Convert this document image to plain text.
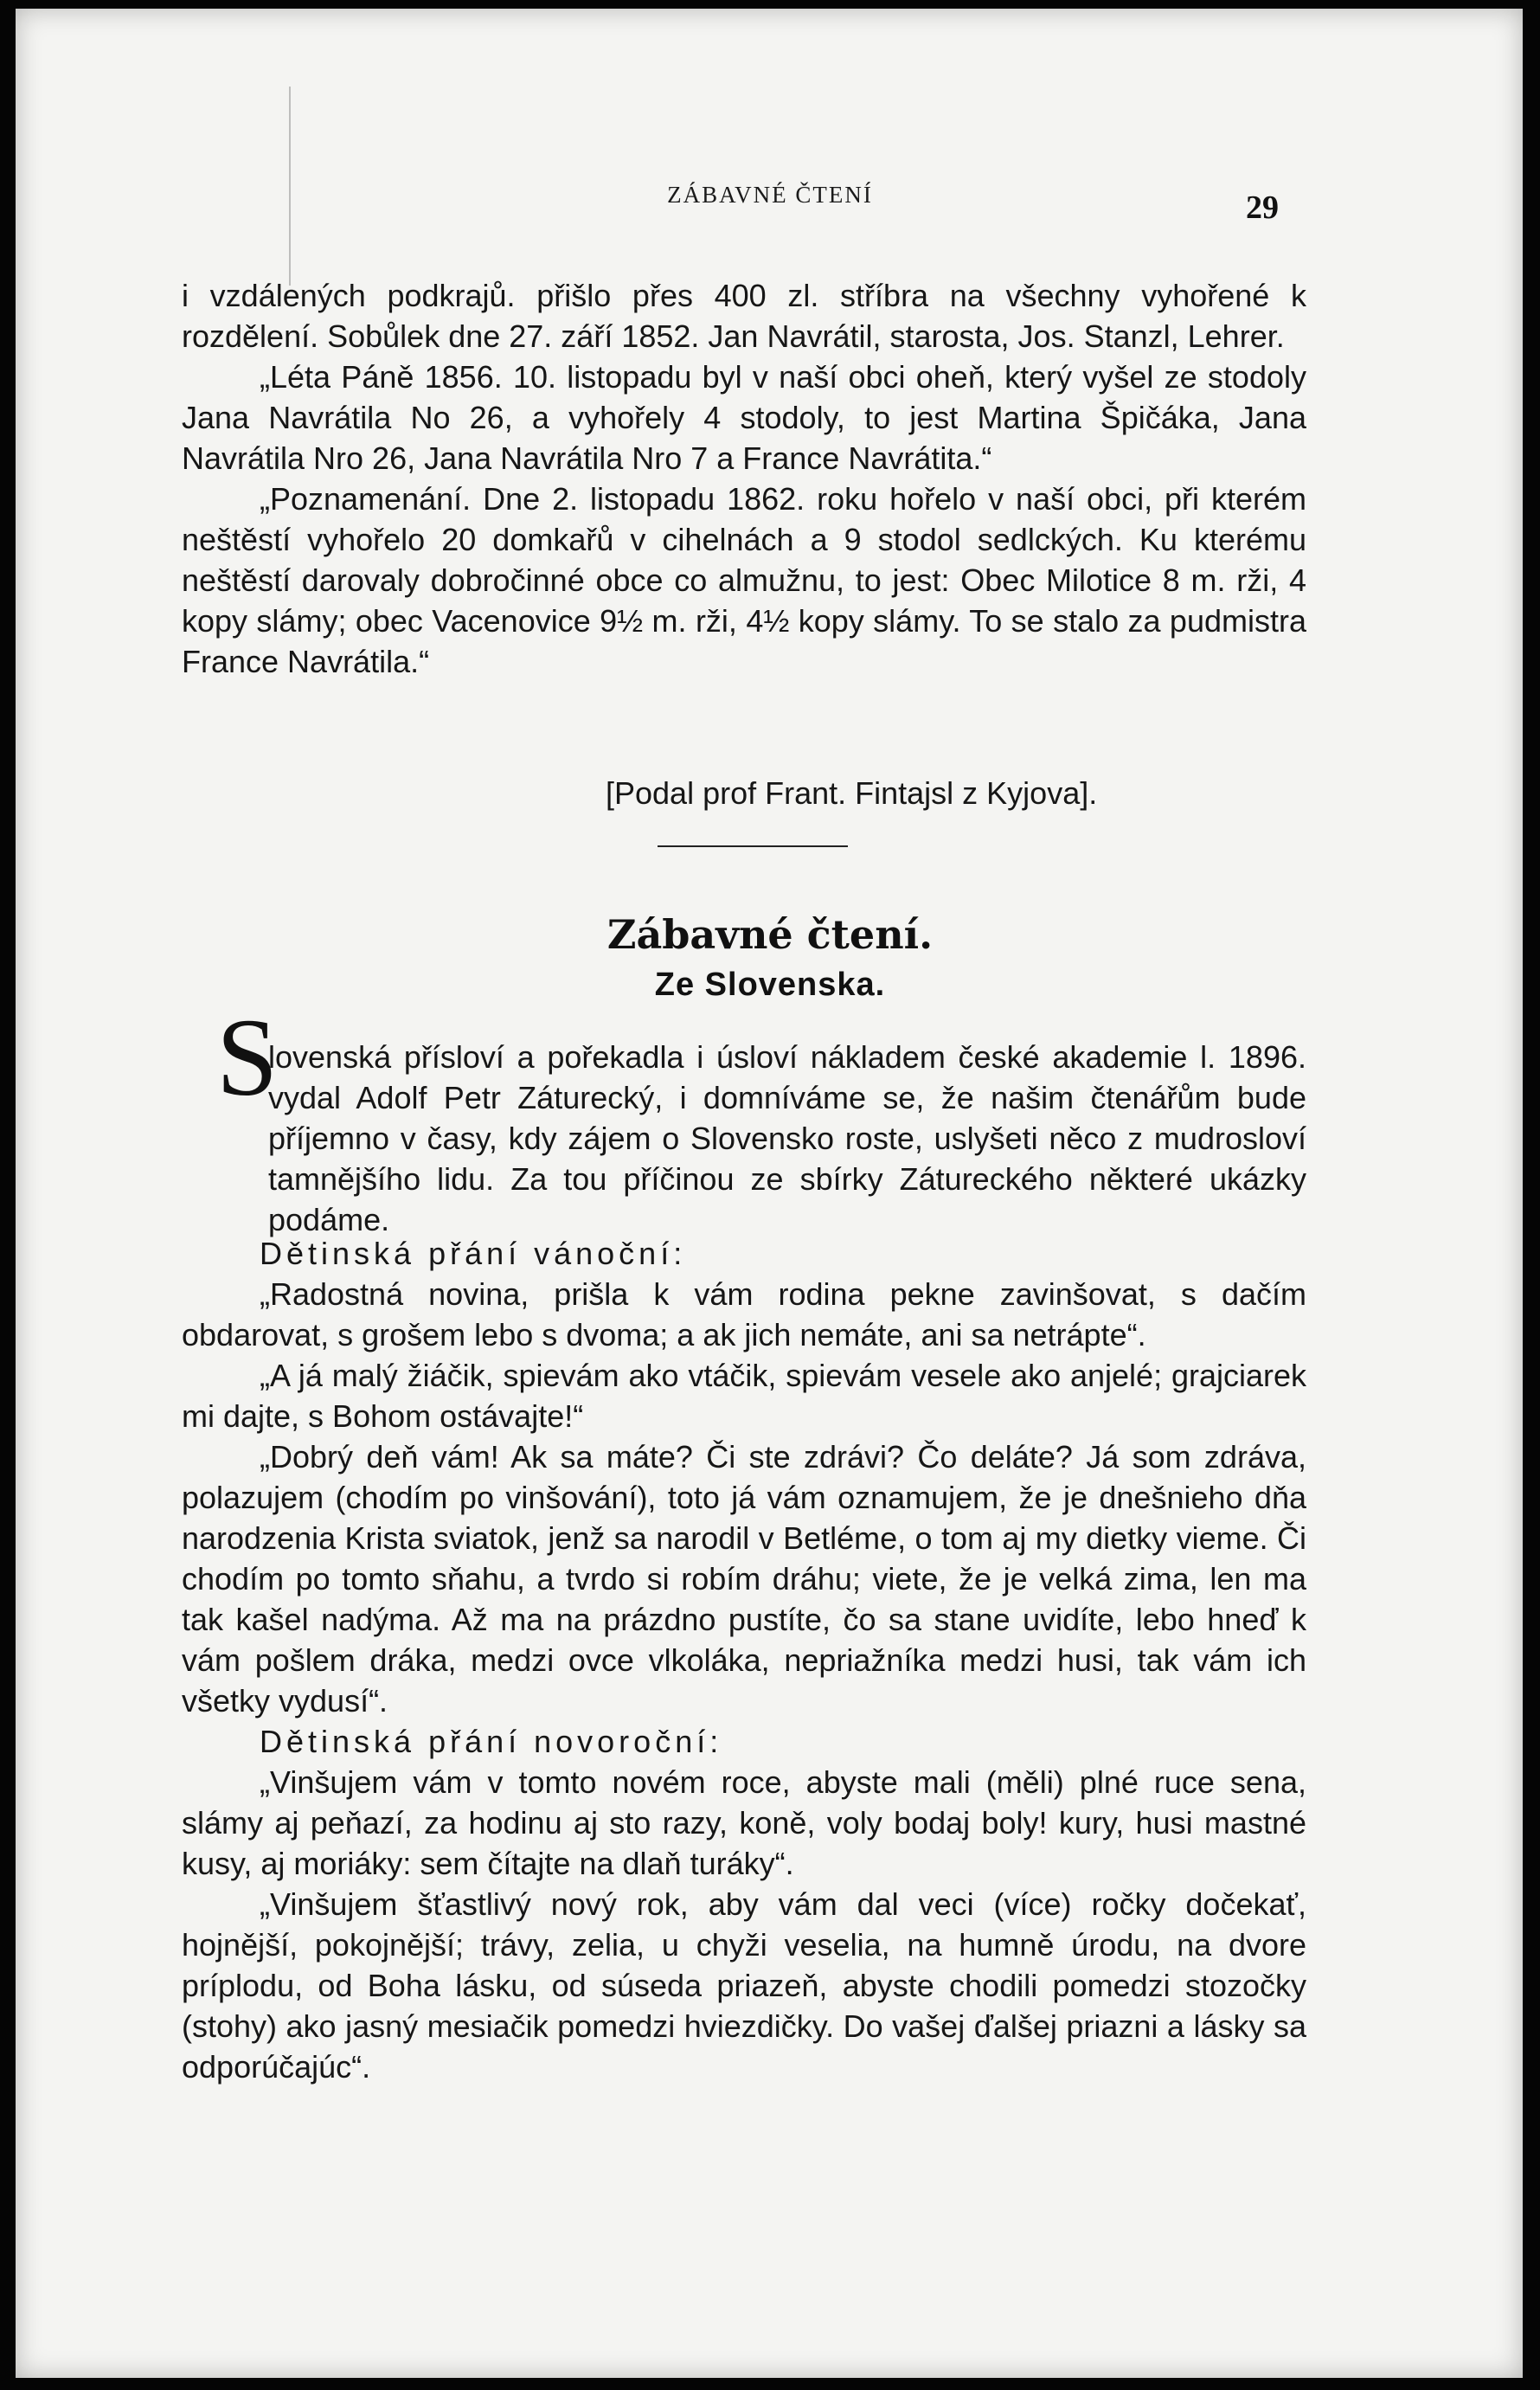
ZÁBAVNÉ ČTENÍ	29

i vzdálených podkrajů. přišlo přes 400 zl. stříbra na všechny vyhořené k rozdělení. Sobůlek dne 27. září 1852. Jan Navrátil, starosta, Jos. Stanzl, Lehrer.

„Léta Páně 1856. 10. listopadu byl v naší obci oheň, který vyšel ze stodoly Jana Navrátila No 26, a vyhořely 4 stodoly, to jest Martina Špičáka, Jana Navrátila Nro 26, Jana Navrátila Nro 7 a France Navrátita.“

„Poznamenání. Dne 2. listopadu 1862. roku hořelo v naší obci, při kterém neštěstí vyhořelo 20 domkařů v cihelnách a 9 stodol sedlckých. Ku kterému neštěstí darovaly dobročinné obce co almužnu, to jest: Obec Milotice 8 m. rži, 4 kopy slámy; obec Vacenovice 9½ m. rži, 4½ kopy slámy. To se stalo za pudmistra France Navrátila.“

[Podal prof Frant. Fintajsl z Kyjova].
Zábavné čtení.
Ze Slovenska.
S

lovenská přísloví a pořekadla i úsloví nákladem české akademie l. 1896. vydal Adolf Petr Záturecký, i domníváme se, že našim čtenářům bude příjemno v časy, kdy zájem o Slovensko roste, uslyšeti něco z mudrosloví tamnějšího lidu. Za tou příčinou ze sbírky Zátureckého některé ukázky podáme.

Dětinská přání vánoční:

„Radostná novina, prišla k vám rodina pekne zavinšovat, s dačím obdarovat, s grošem lebo s dvoma; a ak jich nemáte, ani sa netrápte“.

„A já malý žiáčik, spievám ako vtáčik, spievám vesele ako anjelé; grajciarek mi dajte, s Bohom ostávajte!“

„Dobrý deň vám! Ak sa máte? Či ste zdrávi? Čo deláte? Já som zdráva, polazujem (chodím po vinšování), toto já vám oznamujem, že je dnešnieho dňa narodzenia Krista sviatok, jenž sa narodil v Betléme, o tom aj my dietky vieme. Či chodím po tomto sňahu, a tvrdo si robím dráhu; viete, že je velká zima, len ma tak kašel nadýma. Až ma na prázdno pustíte, čo sa stane uvidíte, lebo hneď k vám pošlem dráka, medzi ovce vlkoláka, nepriažníka medzi husi, tak vám ich všetky vydusí“.

Dětinská přání novoroční:

„Vinšujem vám v tomto novém roce, abyste mali (měli) plné ruce sena, slámy aj peňazí, za hodinu aj sto razy, koně, voly bodaj boly! kury, husi mastné kusy, aj moriáky: sem čítajte na dlaň turáky“.

„Vinšujem šťastlivý nový rok, aby vám dal veci (více) ročky dočekať, hojnější, pokojnější; trávy, zelia, u chyži veselia, na humně úrodu, na dvore príplodu, od Boha lásku, od súseda priazeň, abyste chodili pomedzi stozočky (stohy) ako jasný mesiačik pomedzi hviezdičky. Do vašej ďalšej priazni a lásky sa odporúčajúc“.
